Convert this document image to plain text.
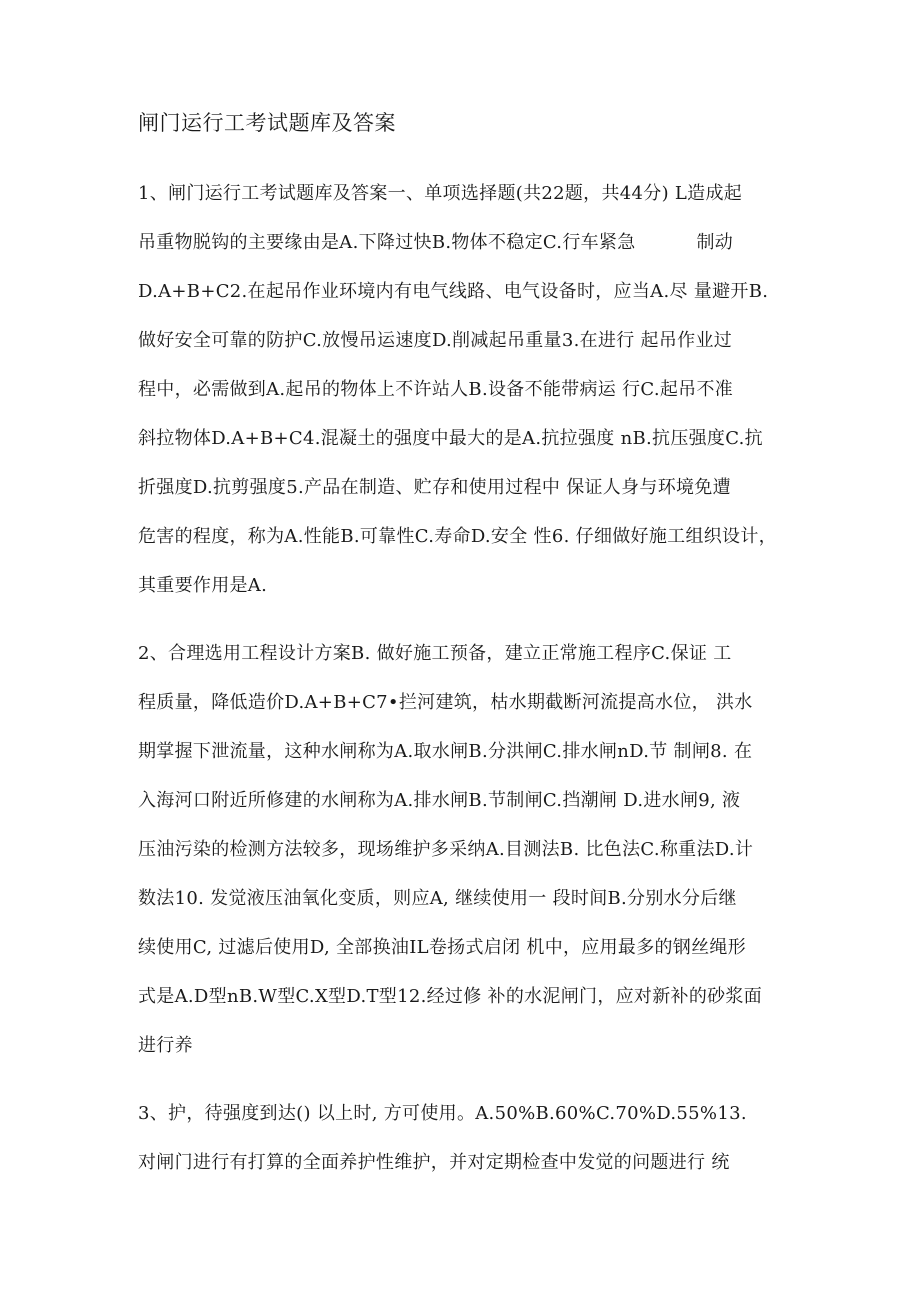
闸门运行工考试题库及答案
1、闸门运行工考试题库及答案一、单项选择题(共22题，共44分) L造成起
吊重物脱钩的主要缘由是A.下降过快B.物体不稳定C.行车紧急 　　　制动
D.A+B+C2.在起吊作业环境内有电气线路、电气设备时，应当A.尽 量避开B.
做好安全可靠的防护C.放慢吊运速度D.削减起吊重量3.在进行 起吊作业过
程中，必需做到A.起吊的物体上不许站人B.设备不能带病运 行C.起吊不准
斜拉物体D.A+B+C4.混凝土的强度中最大的是A.抗拉强度 nB.抗压强度C.抗
折强度D.抗剪强度5.产品在制造、贮存和使用过程中 保证人身与环境免遭
危害的程度，称为A.性能B.可靠性C.寿命D.安全 性6. 仔细做好施工组织设计，
其重要作用是A.
2、合理选用工程设计方案B. 做好施工预备，建立正常施工程序C.保证 工
程质量，降低造价D.A+B+C7•拦河建筑，枯水期截断河流提高水位， 洪水
期掌握下泄流量，这种水闸称为A.取水闸B.分洪闸C.排水闸nD.节 制闸8. 在
入海河口附近所修建的水闸称为A.排水闸B.节制闸C.挡潮闸 D.进水闸9, 液
压油污染的检测方法较多，现场维护多采纳A.目测法B. 比色法C.称重法D.计
数法10. 发觉液压油氧化变质，则应A, 继续使用一 段时间B.分别水分后继
续使用C, 过滤后使用D, 全部换油IL卷扬式启闭 机中，应用最多的钢丝绳形
式是A.D型nB.W型C.X型D.T型12.经过修 补的水泥闸门，应对新补的砂浆面
进行养
3、护，待强度到达() 以上时, 方可使用。A.50%B.60%C.70%D.55%13.
对闸门进行有打算的全面养护性维护，并对定期检查中发觉的问题进行 统
